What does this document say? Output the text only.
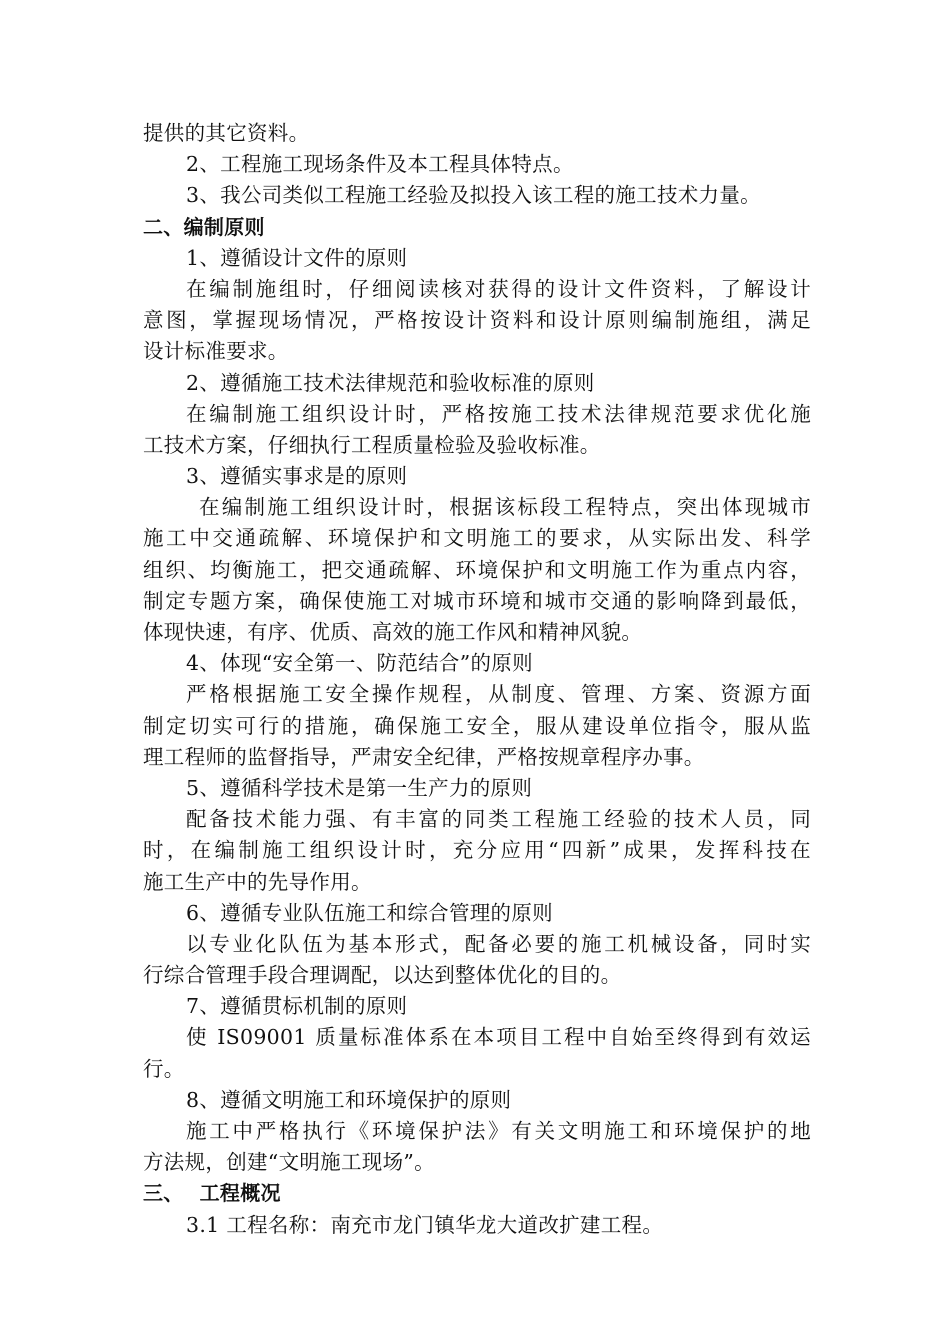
提供的其它资料。
2、工程施工现场条件及本工程具体特点。
3、我公司类似工程施工经验及拟投入该工程的施工技术力量。
二、编制原则
1、遵循设计文件的原则
在编制施组时，仔细阅读核对获得的设计文件资料，了解设计
意图，掌握现场情况，严格按设计资料和设计原则编制施组，满足
设计标准要求。
2、遵循施工技术法律规范和验收标准的原则
在编制施工组织设计时，严格按施工技术法律规范要求优化施
工技术方案，仔细执行工程质量检验及验收标准。
3、遵循实事求是的原则
在编制施工组织设计时，根据该标段工程特点，突出体现城市
施工中交通疏解、环境保护和文明施工的要求，从实际出发、科学
组织、均衡施工，把交通疏解、环境保护和文明施工作为重点内容，
制定专题方案，确保使施工对城市环境和城市交通的影响降到最低，
体现快速，有序、优质、高效的施工作风和精神风貌。
4、体现“安全第一、防范结合”的原则
严格根据施工安全操作规程，从制度、管理、方案、资源方面
制定切实可行的措施，确保施工安全，服从建设单位指令，服从监
理工程师的监督指导，严肃安全纪律，严格按规章程序办事。
5、遵循科学技术是第一生产力的原则
配备技术能力强、有丰富的同类工程施工经验的技术人员，同
时，在编制施工组织设计时，充分应用“四新”成果，发挥科技在
施工生产中的先导作用。
6、遵循专业队伍施工和综合管理的原则
以专业化队伍为基本形式，配备必要的施工机械设备，同时实
行综合管理手段合理调配，以达到整体优化的目的。
7、遵循贯标机制的原则
使 IS09001 质量标准体系在本项目工程中自始至终得到有效运
行。
8、遵循文明施工和环境保护的原则
施工中严格执行《环境保护法》有关文明施工和环境保护的地
方法规，创建“文明施工现场”。
三、 工程概况
3.1 工程名称：南充市龙门镇华龙大道改扩建工程。
